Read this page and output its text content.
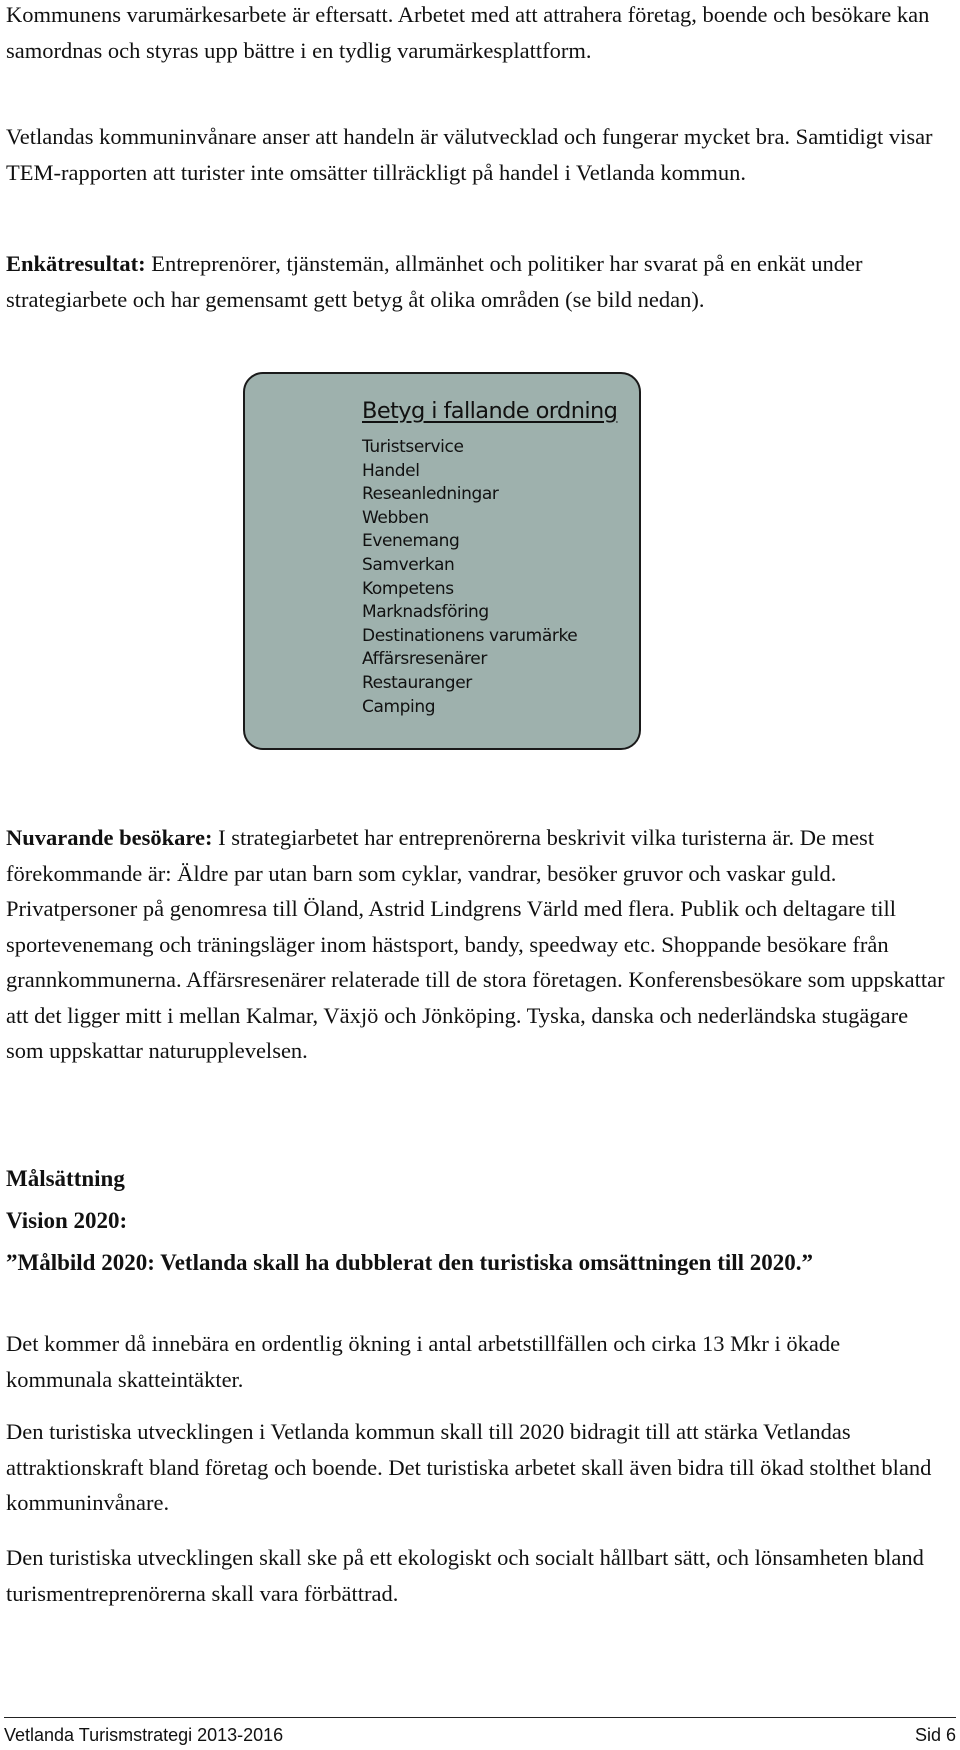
Kommunens varumärkesarbete är eftersatt. Arbetet med att attrahera företag, boende och besökare kan samordnas och styras upp bättre i en tydlig varumärkesplattform.

Vetlandas kommuninvånare anser att handeln är välutvecklad och fungerar mycket bra. Samtidigt visar TEM-rapporten att turister inte omsätter tillräckligt på handel i Vetlanda kommun.

Enkätresultat: Entreprenörer, tjänstemän, allmänhet och politiker har svarat på en enkät under strategiarbete och har gemensamt gett betyg åt olika områden (se bild nedan).

Betyg i fallande ordning
Turistservice
Handel
Reseanledningar
Webben
Evenemang
Samverkan
Kompetens
Marknadsföring
Destinationens varumärke
Affärsresenärer
Restauranger
Camping

Nuvarande besökare: I strategiarbetet har entreprenörerna beskrivit vilka turisterna är. De mest förekommande är: Äldre par utan barn som cyklar, vandrar, besöker gruvor och vaskar guld. Privatpersoner på genomresa till Öland, Astrid Lindgrens Värld med flera. Publik och deltagare till sportevenemang och träningsläger inom hästsport, bandy, speedway etc. Shoppande besökare från grannkommunerna. Affärsresenärer relaterade till de stora företagen. Konferensbesökare som uppskattar att det ligger mitt i mellan Kalmar, Växjö och Jönköping. Tyska, danska och nederländska stugägare som uppskattar naturupplevelsen.

Målsättning
Vision 2020:
”Målbild 2020: Vetlanda skall ha dubblerat den turistiska omsättningen till 2020.”

Det kommer då innebära en ordentlig ökning i antal arbetstillfällen och cirka 13 Mkr i ökade kommunala skatteintäkter.

Den turistiska utvecklingen i Vetlanda kommun skall till 2020 bidragit till att stärka Vetlandas attraktionskraft bland företag och boende. Det turistiska arbetet skall även bidra till ökad stolthet bland kommuninvånare.

Den turistiska utvecklingen skall ske på ett ekologiskt och socialt hållbart sätt, och lönsamheten bland turismentreprenörerna skall vara förbättrad.

Vetlanda Turismstrategi 2013-2016	Sid 6
